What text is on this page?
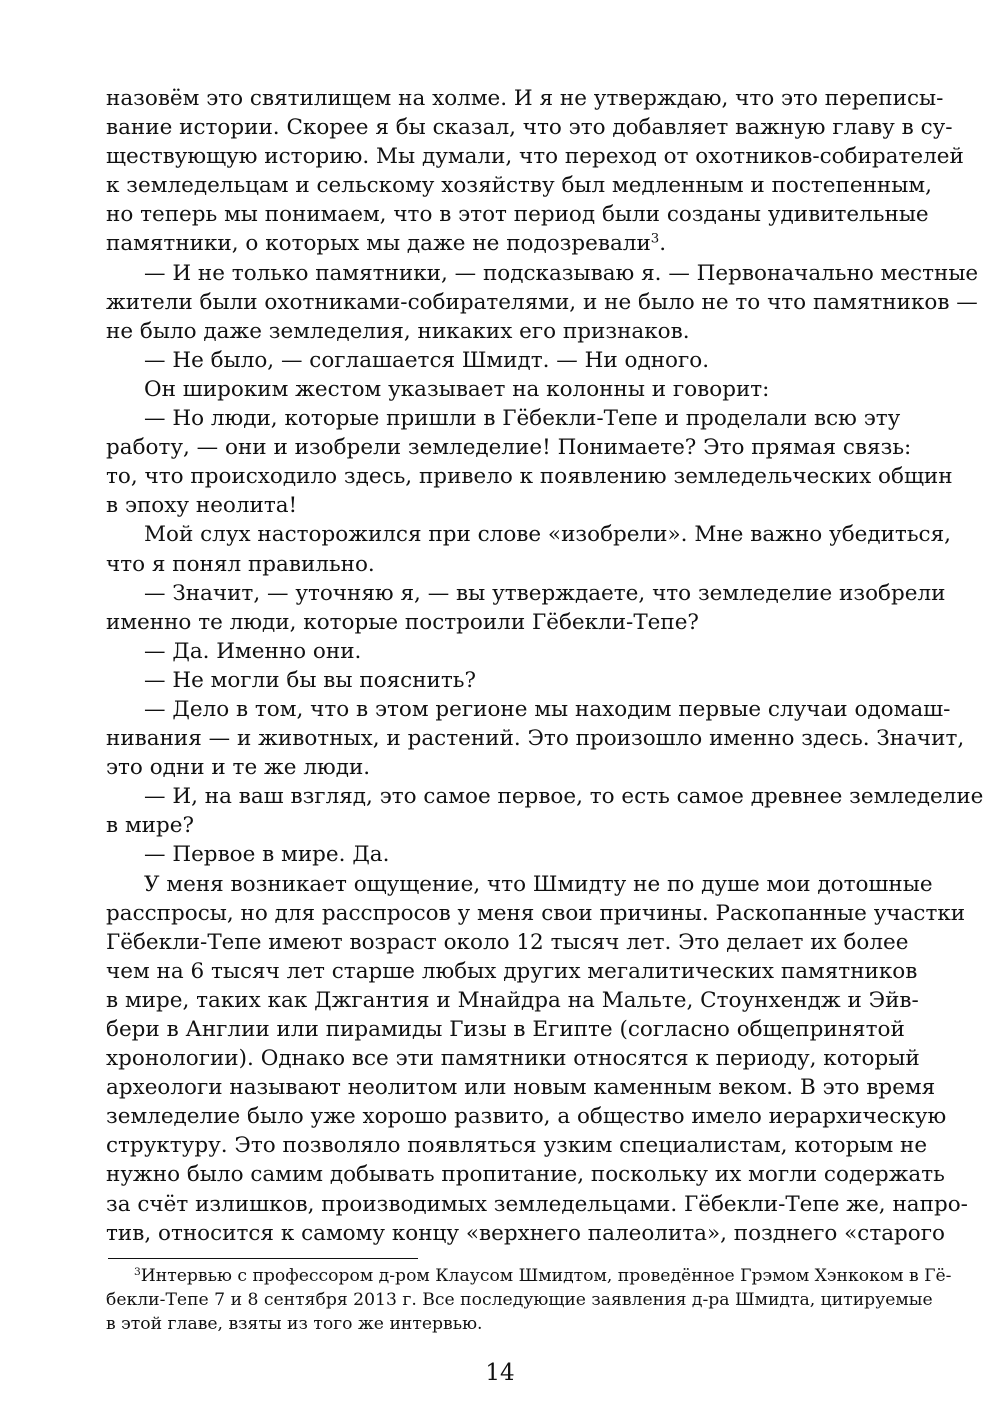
назовём это святилищем на холме. И я не утверждаю, что это переписы-
вание истории. Скорее я бы сказал, что это добавляет важную главу в су-
ществующую историю. Мы думали, что переход от охотников-собирателей
к земледельцам и сельскому хозяйству был медленным и постепенным,
но теперь мы понимаем, что в этот период были созданы удивительные
памятники, о которых мы даже не подозревали$^3$.
— И не только памятники, — подсказываю я. — Первоначально местные
жители были охотниками-собирателями, и не было не то что памятников —
не было даже земледелия, никаких его признаков.
— Не было, — соглашается Шмидт. — Ни одного.
Он широким жестом указывает на колонны и говорит:
— Но люди, которые пришли в Гёбекли-Тепе и проделали всю эту
работу, — они и изобрели земледелие! Понимаете? Это прямая связь:
то, что происходило здесь, привело к появлению земледельческих общин
в эпоху неолита!
Мой слух насторожился при слове «изобрели». Мне важно убедиться,
что я понял правильно.
— Значит, — уточняю я, — вы утверждаете, что земледелие изобрели
именно те люди, которые построили Гёбекли-Тепе?
— Да. Именно они.
— Не могли бы вы пояснить?
— Дело в том, что в этом регионе мы находим первые случаи одомаш-
нивания — и животных, и растений. Это произошло именно здесь. Значит,
это одни и те же люди.
— И, на ваш взгляд, это самое первое, то есть самое древнее земледелие
в мире?
— Первое в мире. Да.
У меня возникает ощущение, что Шмидту не по душе мои дотошные
расспросы, но для расспросов у меня свои причины. Раскопанные участки
Гёбекли-Тепе имеют возраст около 12 тысяч лет. Это делает их более
чем на 6 тысяч лет старше любых других мегалитических памятников
в мире, таких как Джгантия и Мнайдра на Мальте, Стоунхендж и Эйв-
бери в Англии или пирамиды Гизы в Египте (согласно общепринятой
хронологии). Однако все эти памятники относятся к периоду, который
археологи называют неолитом или новым каменным веком. В это время
земледелие было уже хорошо развито, а общество имело иерархическую
структуру. Это позволяло появляться узким специалистам, которым не
нужно было самим добывать пропитание, поскольку их могли содержать
за счёт излишков, производимых земледельцами. Гёбекли-Тепе же, напро-
тив, относится к самому концу «верхнего палеолита», позднего «старого
$^3$Интервью с профессором д-ром Клаусом Шмидтом, проведённое Грэмом Хэнкоком в Гё-
бекли-Тепе 7 и 8 сентября 2013 г. Все последующие заявления д-ра Шмидта, цитируемые
в этой главе, взяты из того же интервью.
14
